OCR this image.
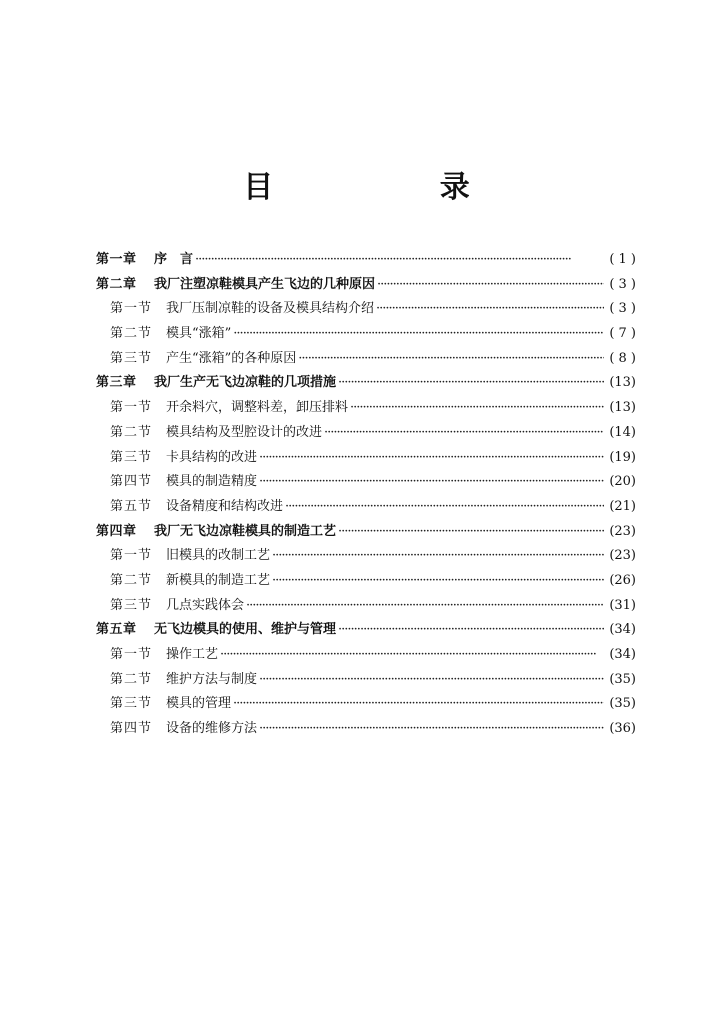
目 录
第一章	序　言 ·····	( 1 )
第二章	我厂注塑凉鞋模具产生飞边的几种原因 ·····	( 3 )
第一节	我厂压制凉鞋的设备及模具结构介绍 ·····	( 3 )
第二节	模具“涨箱” ·····	( 7 )
第三节	产生“涨箱”的各种原因 ·····	( 8 )
第三章	我厂生产无飞边凉鞋的几项措施 ·····	(13)
第一节	开余料穴，调整料差，卸压排料 ·····	(13)
第二节	模具结构及型腔设计的改进 ·····	(14)
第三节	卡具结构的改进 ·····	(19)
第四节	模具的制造精度 ·····	(20)
第五节	设备精度和结构改进 ·····	(21)
第四章	我厂无飞边凉鞋模具的制造工艺 ·····	(23)
第一节	旧模具的改制工艺 ·····	(23)
第二节	新模具的制造工艺 ·····	(26)
第三节	几点实践体会 ·····	(31)
第五章	无飞边模具的使用、维护与管理 ·····	(34)
第一节	操作工艺 ·····	(34)
第二节	维护方法与制度 ·····	(35)
第三节	模具的管理 ·····	(35)
第四节	设备的维修方法 ·····	(36)
